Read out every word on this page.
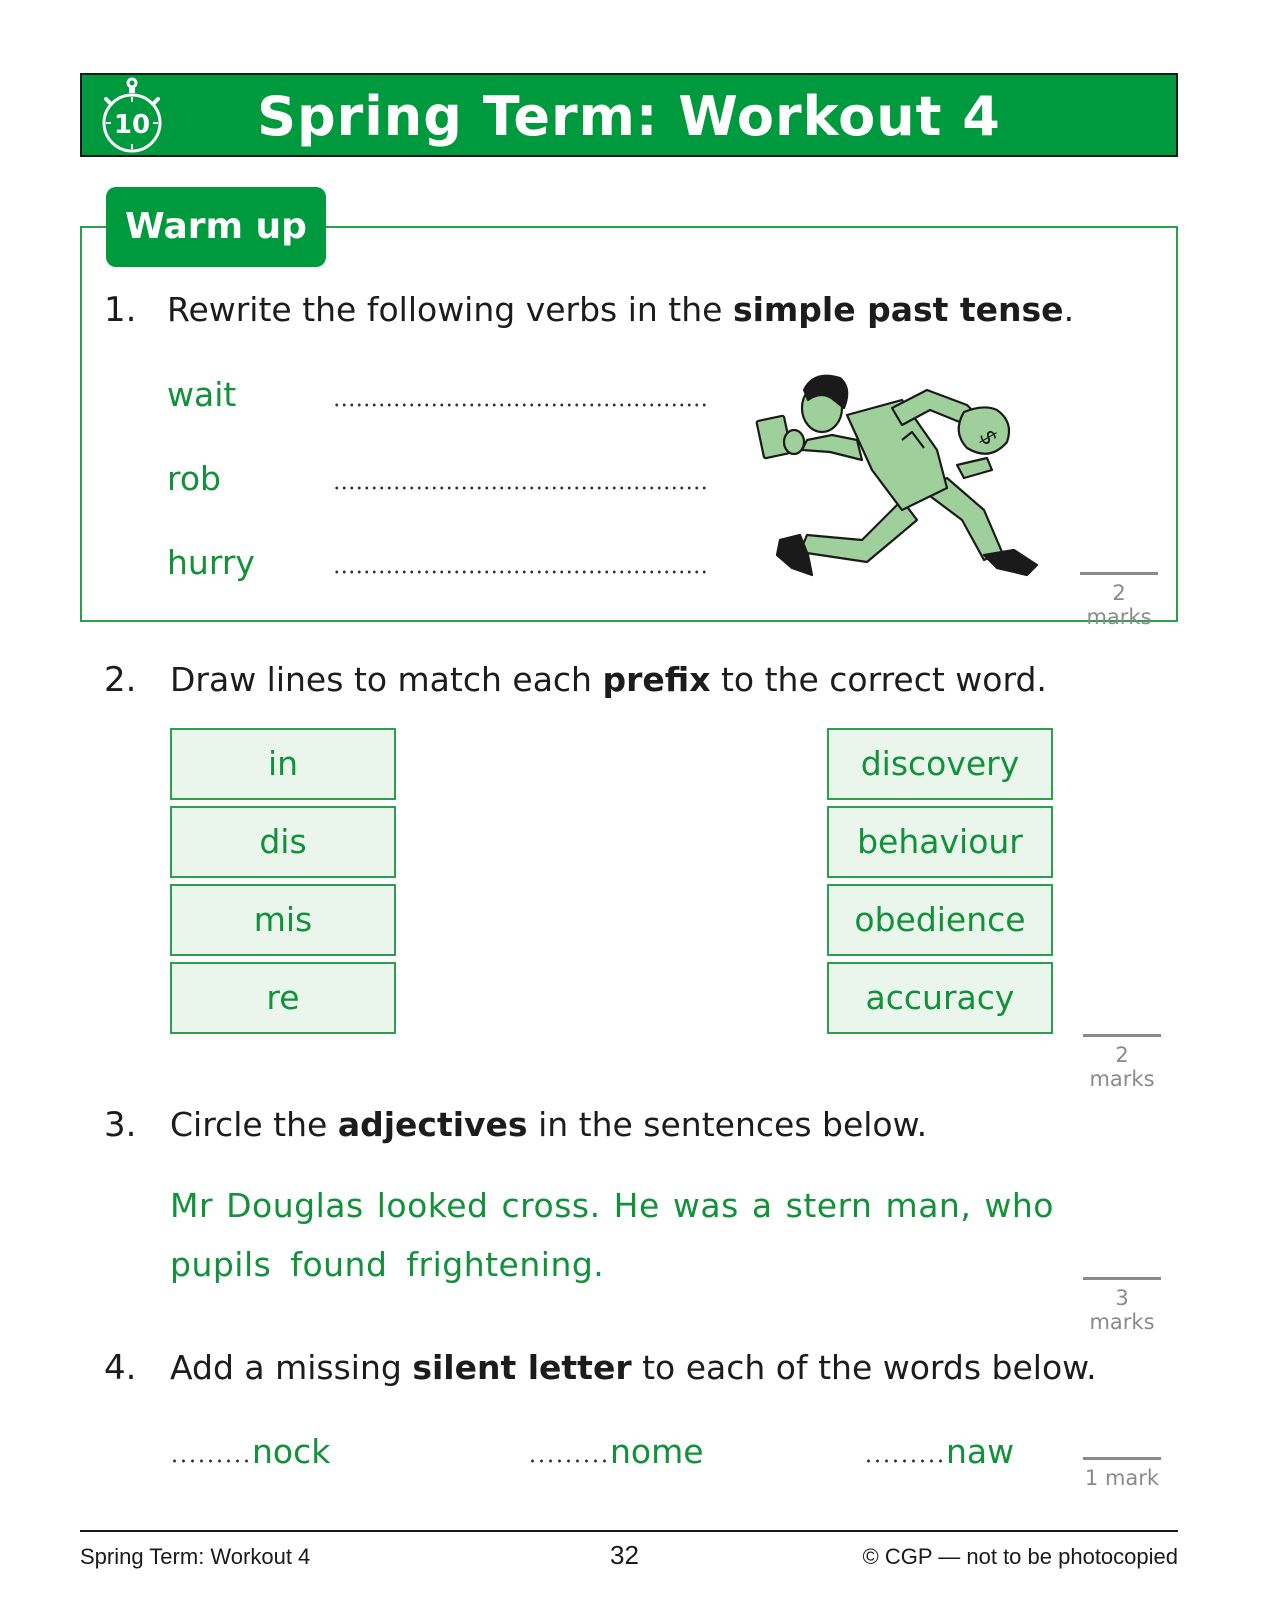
10	Spring Term: Workout 4
Warm up
1. Rewrite the following verbs in the simple past tense.
wait
rob
hurry
$
2 marks
2. Draw lines to match each prefix to the correct word.
in
dis
mis
re
discovery
behaviour
obedience
accuracy
2 marks
3. Circle the adjectives in the sentences below.
Mr Douglas looked cross. He was a stern man, who
pupils found frightening.
3 marks
4. Add a missing silent letter to each of the words below.
nock	nome	naw
1 mark
Spring Term: Workout 4	32	© CGP — not to be photocopied
